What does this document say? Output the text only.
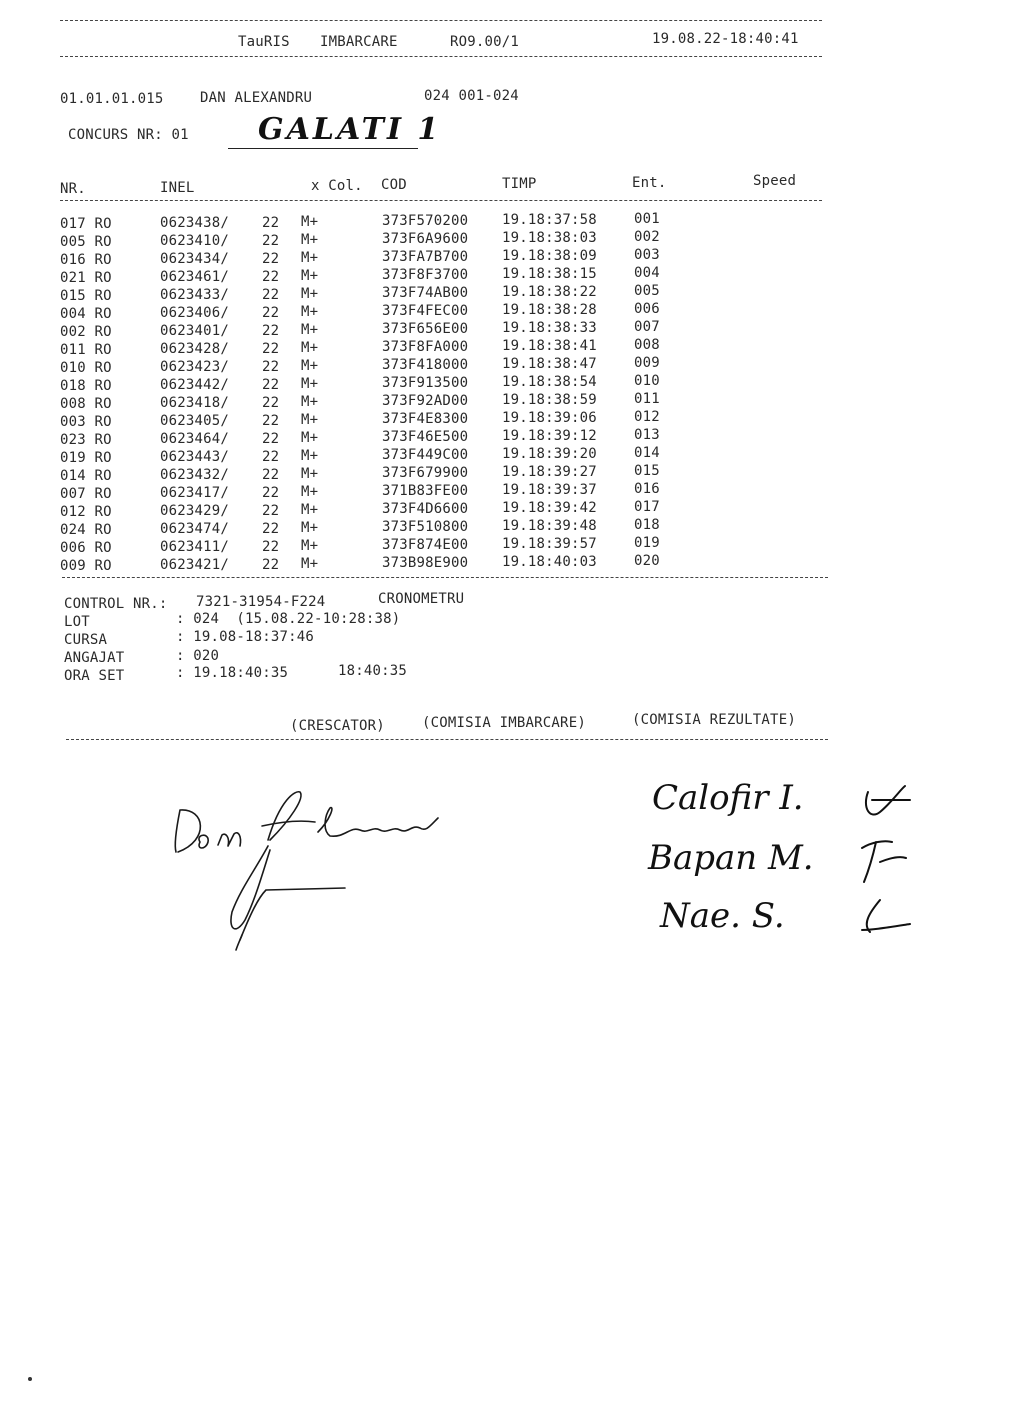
TauRIS IMBARCARE	RO9.00/1	19.08.22-18:40:41
01.01.01.015	DAN ALEXANDRU	024 001-024
CONCURS NR: 01 GALATI 1
NR.	INEL	x Col. COD	TIMP	Ent.	Speed
017 RO	0623438/ 22 M+	373F570200 19.18:37:58	001
005 RO	0623410/ 22 M+	373F6A9600 19.18:38:03	002
016 RO	0623434/ 22 M+	373FA7B700 19.18:38:09	003
021 RO	0623461/ 22 M+	373F8F3700 19.18:38:15	004
015 RO	0623433/ 22 M+	373F74AB00 19.18:38:22	005
004 RO	0623406/ 22 M+	373F4FEC00 19.18:38:28	006
002 RO	0623401/ 22 M+	373F656E00 19.18:38:33	007
011 RO	0623428/ 22 M+	373F8FA000 19.18:38:41	008
010 RO	0623423/ 22 M+	373F418000 19.18:38:47	009
018 RO	0623442/ 22 M+	373F913500 19.18:38:54	010
008 RO	0623418/ 22 M+	373F92AD00 19.18:38:59	011
003 RO	0623405/ 22 M+	373F4E8300 19.18:39:06	012
023 RO	0623464/ 22 M+	373F46E500 19.18:39:12	013
019 RO	0623443/ 22 M+	373F449C00 19.18:39:20	014
014 RO	0623432/ 22 M+	373F679900 19.18:39:27	015
007 RO	0623417/ 22 M+	371B83FE00 19.18:39:37	016
012 RO	0623429/ 22 M+	373F4D6600 19.18:39:42	017
024 RO	0623474/ 22 M+	373F510800 19.18:39:48	018
006 RO	0623411/ 22 M+	373F874E00 19.18:39:57	019
009 RO	0623421/ 22 M+	373B98E900 19.18:40:03	020
CONTROL NR.: 7321-31954-F224	CRONOMETRU
LOT	: 024  (15.08.22-10:28:38)
CURSA	: 19.08-18:37:46
ANGAJAT	: 020
ORA SET	: 19.18:40:35	18:40:35
(CRESCATOR)	(COMISIA IMBARCARE)	(COMISIA REZULTATE)
Calofir I.
Bapan M.
Nae. S.
